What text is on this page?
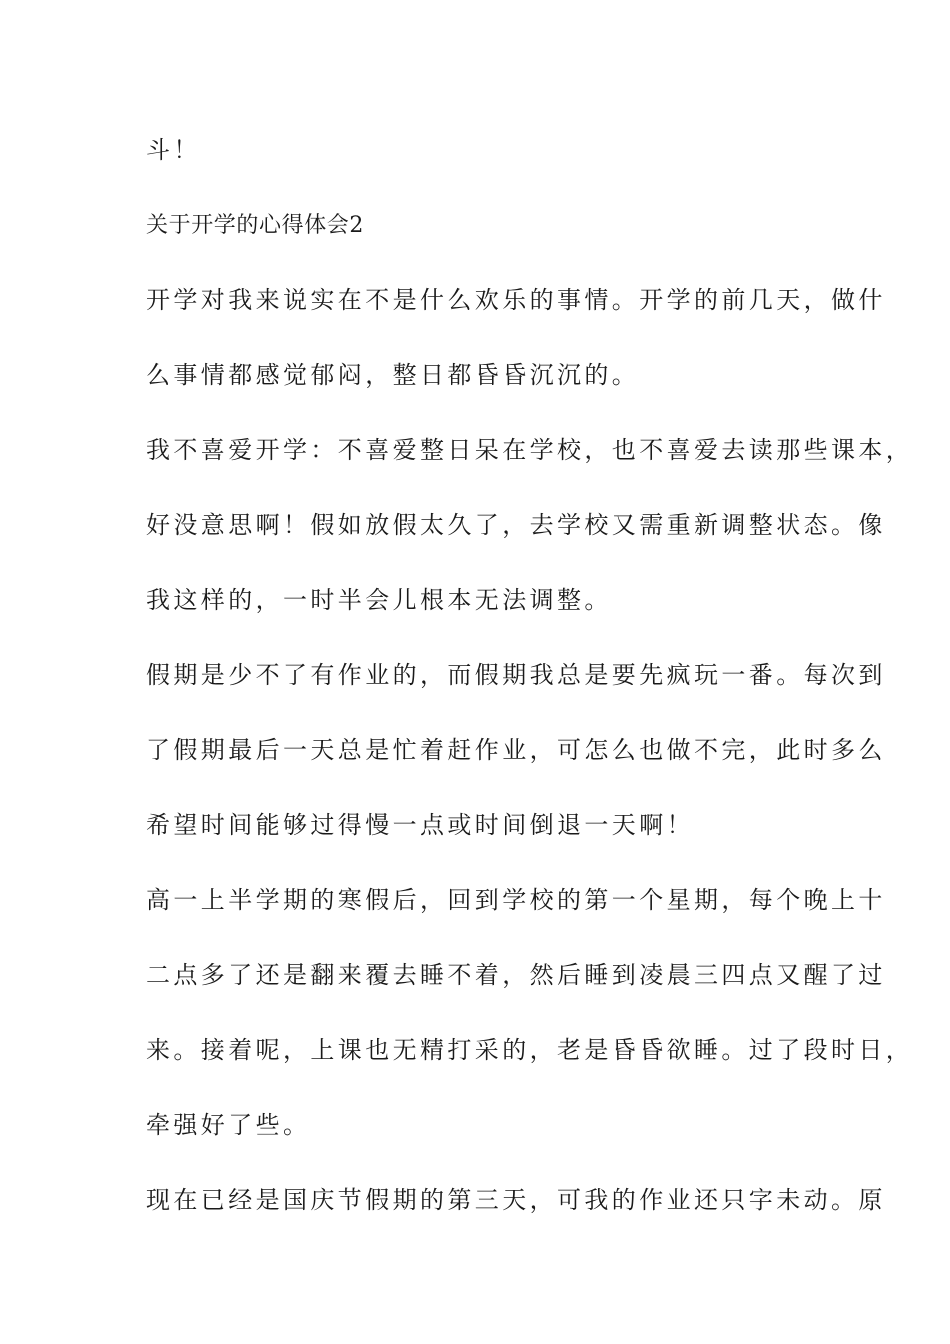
斗！
关于开学的心得体会2
开学对我来说实在不是什么欢乐的事情。开学的前几天，做什
么事情都感觉郁闷，整日都昏昏沉沉的。
我不喜爱开学：不喜爱整日呆在学校，也不喜爱去读那些课本，
好没意思啊！假如放假太久了，去学校又需重新调整状态。像
我这样的，一时半会儿根本无法调整。
假期是少不了有作业的，而假期我总是要先疯玩一番。每次到
了假期最后一天总是忙着赶作业，可怎么也做不完，此时多么
希望时间能够过得慢一点或时间倒退一天啊！
高一上半学期的寒假后，回到学校的第一个星期，每个晚上十
二点多了还是翻来覆去睡不着，然后睡到凌晨三四点又醒了过
来。接着呢，上课也无精打采的，老是昏昏欲睡。过了段时日，
牵强好了些。
现在已经是国庆节假期的第三天，可我的作业还只字未动。原
